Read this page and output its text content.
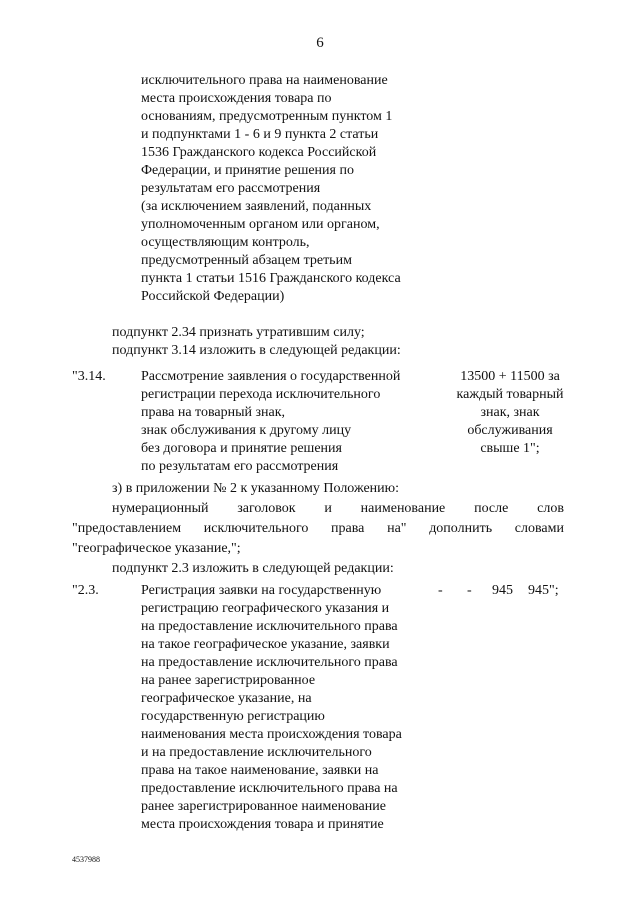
6
исключительного права на наименование
места происхождения товара по
основаниям, предусмотренным пунктом 1
и подпунктами 1 - 6 и 9 пункта 2 статьи
1536 Гражданского кодекса Российской
Федерации, и принятие решения по
результатам его рассмотрения
(за исключением заявлений, поданных
уполномоченным органом или органом,
осуществляющим контроль,
предусмотренный абзацем третьим
пункта 1 статьи 1516 Гражданского кодекса
Российской Федерации)
подпункт 2.34 признать утратившим силу;
подпункт 3.14 изложить в следующей редакции:
"3.14.	Рассмотрение заявления о государственной
регистрации перехода исключительного
права на товарный знак,
знак обслуживания к другому лицу
без договора и принятие решения
по результатам его рассмотрения
13500 + 11500 за
каждый товарный
знак, знак
обслуживания
свыше 1";
з) в приложении № 2 к указанному Положению:
нумерационный заголовок и наименование после слов
"предоставлением исключительного права на" дополнить словами
"географическое указание,";
подпункт 2.3 изложить в следующей редакции:
"2.3.	Регистрация заявки на государственную
регистрацию географического указания и
на предоставление исключительного права
на такое географическое указание, заявки
на предоставление исключительного права
на ранее зарегистрированное
географическое указание, на
государственную регистрацию
наименования места происхождения товара
и на предоставление исключительного
права на такое наименование, заявки на
предоставление исключительного права на
ранее зарегистрированное наименование
места происхождения товара и принятие
- - 945 945";
4537988
